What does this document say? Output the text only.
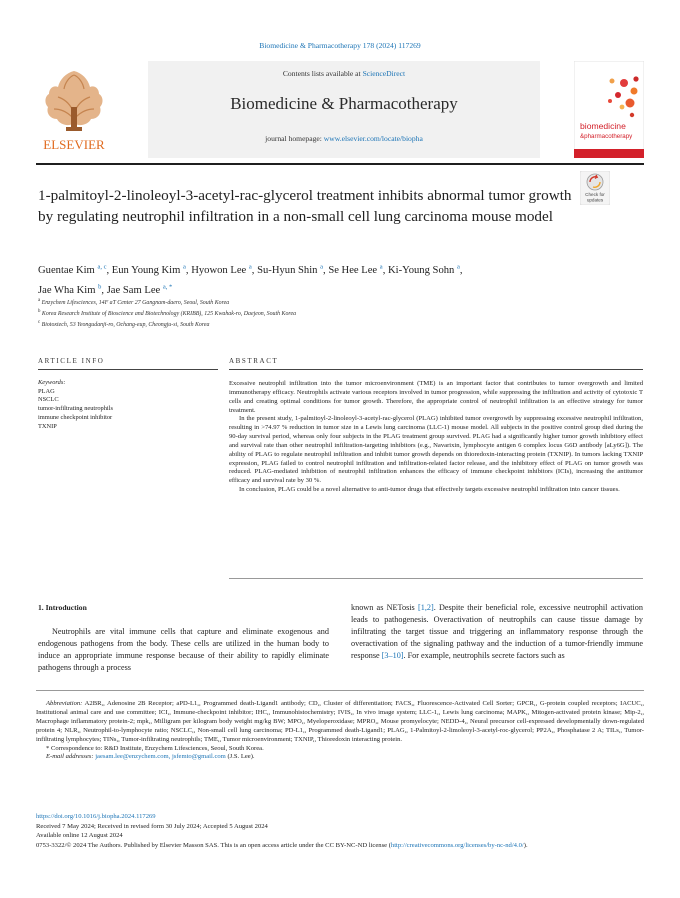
Biomedicine & Pharmacotherapy 178 (2024) 117269
ELSEVIER
Contents lists available at ScienceDirect
Biomedicine & Pharmacotherapy
journal homepage: www.elsevier.com/locate/biopha
biomedicine
&pharmacotherapy
1-palmitoyl-2-linoleoyl-3-acetyl-rac-glycerol treatment inhibits abnormal tumor growth by regulating neutrophil infiltration in a non-small cell lung carcinoma mouse model
Check for
updates
Guentae Kim $^{a, c}$, Eun Young Kim $^a$, Hyowon Lee $^a$, Su-Hyun Shin $^a$, Se Hee Lee $^a$, Ki-Young Sohn $^a$,
Jae Wha Kim $^b$, Jae Sam Lee $^{a, *}$
$^a$ Enzychem Lifesciences, 14F aT Center 27 Gangnam-daero, Seoul, South Korea
$^b$ Korea Research Institute of Bioscience and Biotechnology (KRIBB), 125 Kwahak-ro, Daejeon, South Korea
$^c$ Biotoxtech, 53 Yeongudanji-ro, Ochang-eup, Cheongju-si, South Korea
ARTICLE INFO	ABSTRACT
Keywords:
PLAG
NSCLC
tumor-infiltrating neutrophils
immune checkpoint inhibitor
TXNIP

Excessive neutrophil infiltration into the tumor microenvironment (TME) is an important factor that contributes to tumor overgrowth and limited immunotherapy efficacy. Neutrophils activate various receptors involved in tumor progression, while suppressing the infiltration and activity of cytotoxic T cells and creating optimal conditions for tumor growth. Therefore, the appropriate control of neutrophil infiltration is an effective strategy for tumor treatment.

In the present study, 1-palmitoyl-2-linoleoyl-3-acetyl-rac-glycerol (PLAG) inhibited tumor overgrowth by suppressing excessive neutrophil infiltration, resulting in >74.97 % reduction in tumor size in a Lewis lung carcinoma (LLC-1) mouse model. All subjects in the positive control group died during the 90-day survival period, whereas only four subjects in the PLAG treatment group survived. PLAG had a significantly higher tumor growth inhibitory effect and survival rate than other neutrophil infiltration-targeting inhibitors (e.g., Navarixin, lymphocyte antigen 6 complex locus G6D antibody [aLy6G]). The ability of PLAG to regulate neutrophil infiltration and inhibit tumor growth depends on thioredoxin-interacting protein (TXNIP). In tumors lacking TXNIP expression, PLAG failed to control neutrophil infiltration and infiltration-related factor release, and the inhibitory effect of PLAG on tumor growth was reduced. PLAG-mediated inhibition of neutrophil infiltration enhances the efficacy of immune checkpoint inhibitors (ICIs), increasing the antitumor efficacy and survival rate by 30 %.

In conclusion, PLAG could be a novel alternative to anti-tumor drugs that effectively targets excessive neutrophil infiltration into cancer tissues.

1. Introduction

Neutrophils are vital immune cells that capture and eliminate exogenous and endogenous pathogens from the body. These cells are utilized in the human body to induce an appropriate immune response because of their ability to rapidly eliminate pathogens through a process

known as NETosis [1,2]. Despite their beneficial role, excessive neutrophil activation leads to pathogenesis. Overactivation of neutrophils can cause tissue damage by infiltrating the target tissue and triggering an inflammatory response through the overactivation of the signaling pathway and the induction of a tumor-friendly immune response [3–10]. For example, neutrophils secrete factors such as

Abbreviation: A2BR,, Adenosine 2B Receptor; aPD-L1,, Programmed death-Ligand1 antibody; CD,, Cluster of differentiation; FACS,, Fluorescence-Activated Cell Sorter; GPCR,, G-protein coupled receptors; IACUC,, Institutional animal care and use committee; ICI,, Immune-checkpoint inhibitor; IHC,, Immunohistochemistry; IVIS,, In vivo image system; LLC-1,, Lewis lung carcinoma; MAPK,, Mitogen-activated protein kinase; Mip-2,, Macrophage inflammatory protein-2; mpk,, Milligram per kilogram body weight mg/kg BW; MPO,, Myeloperoxidase; MPRO,, Mouse promyelocyte; NEDD-4,, Neural precursor cell-expressed developmentally down-regulated protein 4; NLR,, Neutrophil-to-lymphocyte ratio; NSCLC,, Non-small cell lung carcinoma; PD-L1,, Programmed death-Ligand1; PLAG,, 1-Palmitoyl-2-limoleoyl-3-acetyl-roc-glycerol; PP2A,, Phosphatase 2 A; TILs,, Tumor-infiltrating lymphocytes; TINs,, Tumor-infiltrating neutrophils; TME,, Tumor microenvironment; TXNIP,, Thioredoxin interacting protein.

* Correspondence to: R&D Institute, Enzychem Lifesciences, Seoul, South Korea.

E-mail addresses: jaesam.lee@enzychem.com, jsfemto@gmail.com (J.S. Lee).

https://doi.org/10.1016/j.biopha.2024.117269

Received 7 May 2024; Received in revised form 30 July 2024; Accepted 5 August 2024

Available online 12 August 2024

0753-3322/© 2024 The Authors. Published by Elsevier Masson SAS. This is an open access article under the CC BY-NC-ND license (http://creativecommons.org/licenses/by-nc-nd/4.0/).
